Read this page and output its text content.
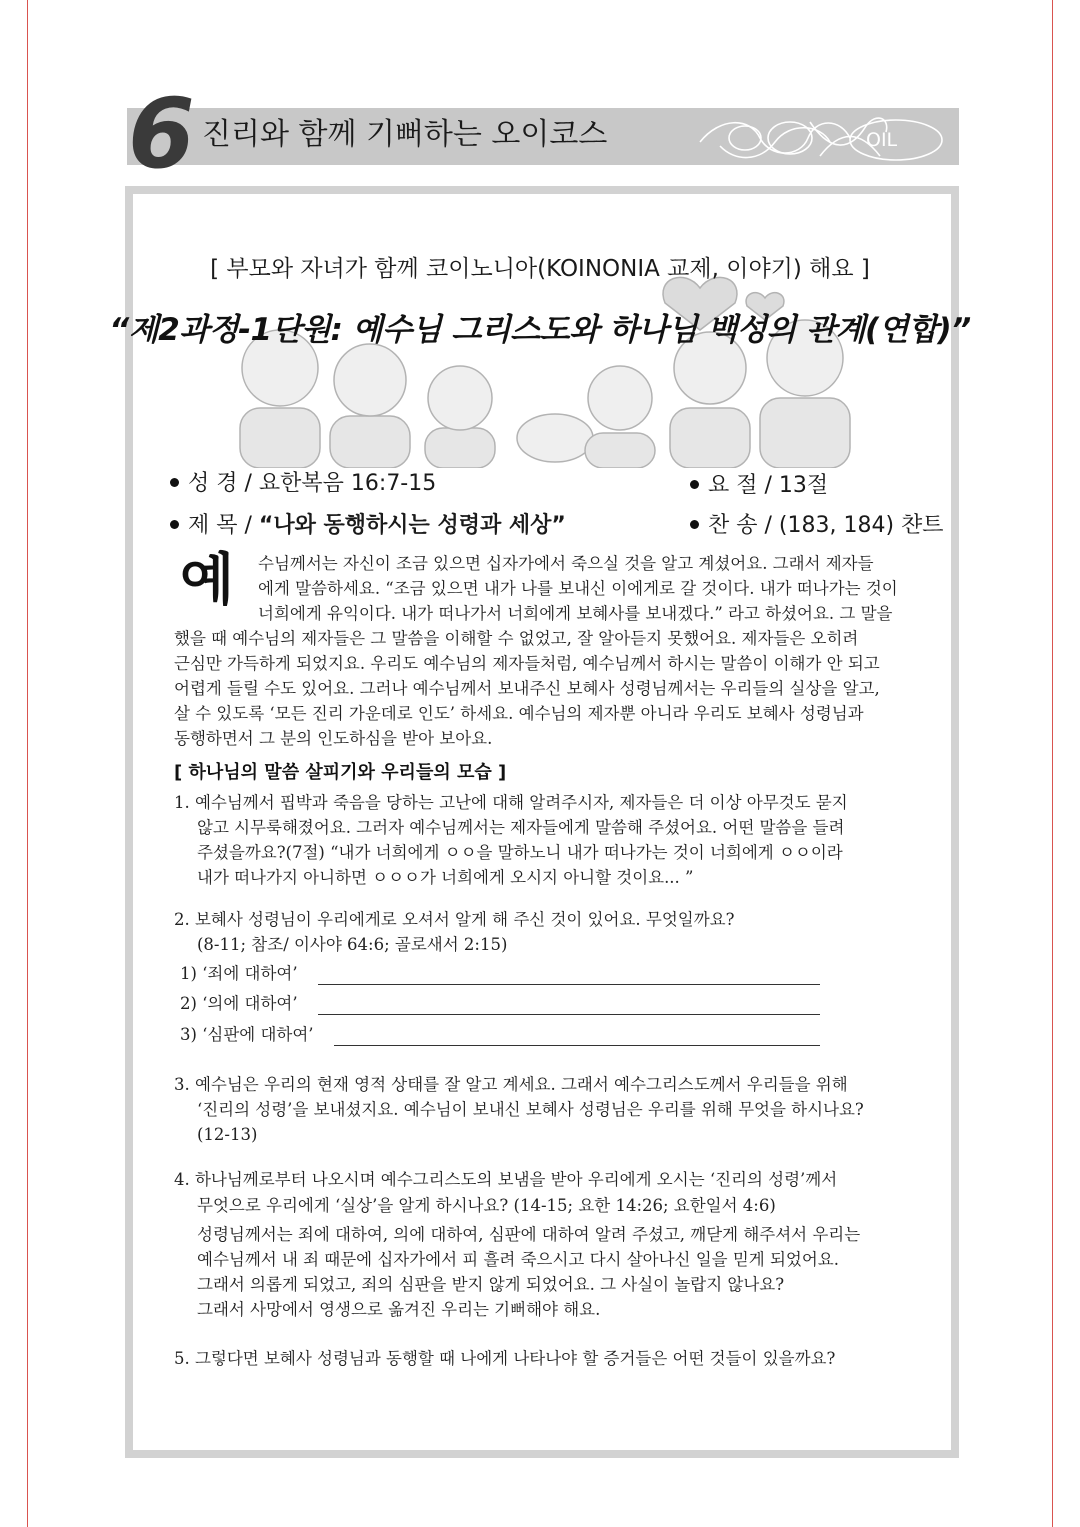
6 진리와 함께 기뻐하는 오이코스	OIL
[ 부모와 자녀가 함께 코이노니아(KOINONIA 교제, 이야기) 해요 ]
“제2과정-1단원: 예수님 그리스도와 하나님 백성의 관계(연합)”
성 경 / 요한복음 16:7-15	요 절 / 13절
제 목 / “나와 동행하시는 성령과 세상”	찬 송 / (183, 184) 챤트
예 수님께서는 자신이 조금 있으면 십자가에서 죽으실 것을 알고 계셨어요. 그래서 제자들
에게 말씀하세요. “조금 있으면 내가 나를 보내신 이에게로 갈 것이다. 내가 떠나가는 것이
너희에게 유익이다. 내가 떠나가서 너희에게 보혜사를 보내겠다.” 라고 하셨어요. 그 말을
했을 때 예수님의 제자들은 그 말씀을 이해할 수 없었고, 잘 알아듣지 못했어요. 제자들은 오히려
근심만 가득하게 되었지요. 우리도 예수님의 제자들처럼, 예수님께서 하시는 말씀이 이해가 안 되고
어렵게 들릴 수도 있어요. 그러나 예수님께서 보내주신 보혜사 성령님께서는 우리들의 실상을 알고,
살 수 있도록 ‘모든 진리 가운데로 인도’ 하세요. 예수님의 제자뿐 아니라 우리도 보혜사 성령님과
동행하면서 그 분의 인도하심을 받아 보아요.
[ 하나님의 말씀 살피기와 우리들의 모습 ]
1. 예수님께서 핍박과 죽음을 당하는 고난에 대해 알려주시자, 제자들은 더 이상 아무것도 묻지
않고 시무룩해졌어요. 그러자 예수님께서는 제자들에게 말씀해 주셨어요. 어떤 말씀을 들려
주셨을까요?(7절) “내가 너희에게 ㅇㅇ을 말하노니 내가 떠나가는 것이 너희에게 ㅇㅇ이라
내가 떠나가지 아니하면 ㅇㅇㅇ가 너희에게 오시지 아니할 것이요... ”
2. 보혜사 성령님이 우리에게로 오셔서 알게 해 주신 것이 있어요. 무엇일까요?
(8-11; 참조/ 이사야 64:6; 골로새서 2:15)
1) ‘죄에 대하여’
2) ‘의에 대하여’
3) ‘심판에 대하여’
3. 예수님은 우리의 현재 영적 상태를 잘 알고 계세요. 그래서 예수그리스도께서 우리들을 위해
‘진리의 성령’을 보내셨지요. 예수님이 보내신 보혜사 성령님은 우리를 위해 무엇을 하시나요?
(12-13)
4. 하나님께로부터 나오시며 예수그리스도의 보냄을 받아 우리에게 오시는 ‘진리의 성령’께서
무엇으로 우리에게 ‘실상’을 알게 하시나요? (14-15; 요한 14:26; 요한일서 4:6)
성령님께서는 죄에 대하여, 의에 대하여, 심판에 대하여 알려 주셨고, 깨닫게 해주셔서 우리는
예수님께서 내 죄 때문에 십자가에서 피 흘려 죽으시고 다시 살아나신 일을 믿게 되었어요.
그래서 의롭게 되었고, 죄의 심판을 받지 않게 되었어요. 그 사실이 놀랍지 않나요?
그래서 사망에서 영생으로 옮겨진 우리는 기뻐해야 해요.
5. 그렇다면 보혜사 성령님과 동행할 때 나에게 나타나야 할 증거들은 어떤 것들이 있을까요?
